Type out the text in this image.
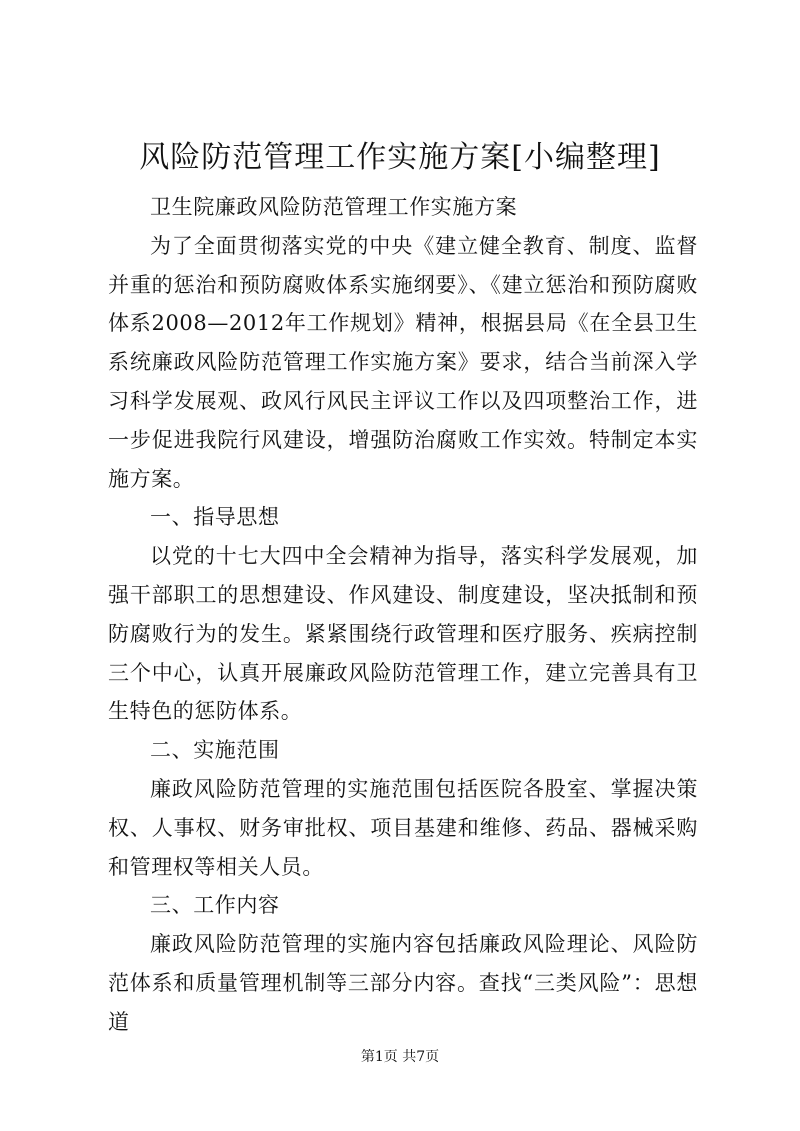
风险防范管理工作实施方案[小编整理]

卫生院廉政风险防范管理工作实施方案

为了全面贯彻落实党的中央《建立健全教育、制度、监督并重的惩治和预防腐败体系实施纲要》、《建立惩治和预防腐败体系2008—2012年工作规划》精神，根据县局《在全县卫生系统廉政风险防范管理工作实施方案》要求，结合当前深入学习科学发展观、政风行风民主评议工作以及四项整治工作，进一步促进我院行风建设，增强防治腐败工作实效。特制定本实施方案。

一、指导思想

以党的十七大四中全会精神为指导，落实科学发展观，加强干部职工的思想建设、作风建设、制度建设，坚决抵制和预防腐败行为的发生。紧紧围绕行政管理和医疗服务、疾病控制三个中心，认真开展廉政风险防范管理工作，建立完善具有卫生特色的惩防体系。

二、实施范围

廉政风险防范管理的实施范围包括医院各股室、掌握决策权、人事权、财务审批权、项目基建和维修、药品、器械采购和管理权等相关人员。

三、工作内容

廉政风险防范管理的实施内容包括廉政风险理论、风险防范体系和质量管理机制等三部分内容。查找“三类风险”：思想道

第1页 共7页
